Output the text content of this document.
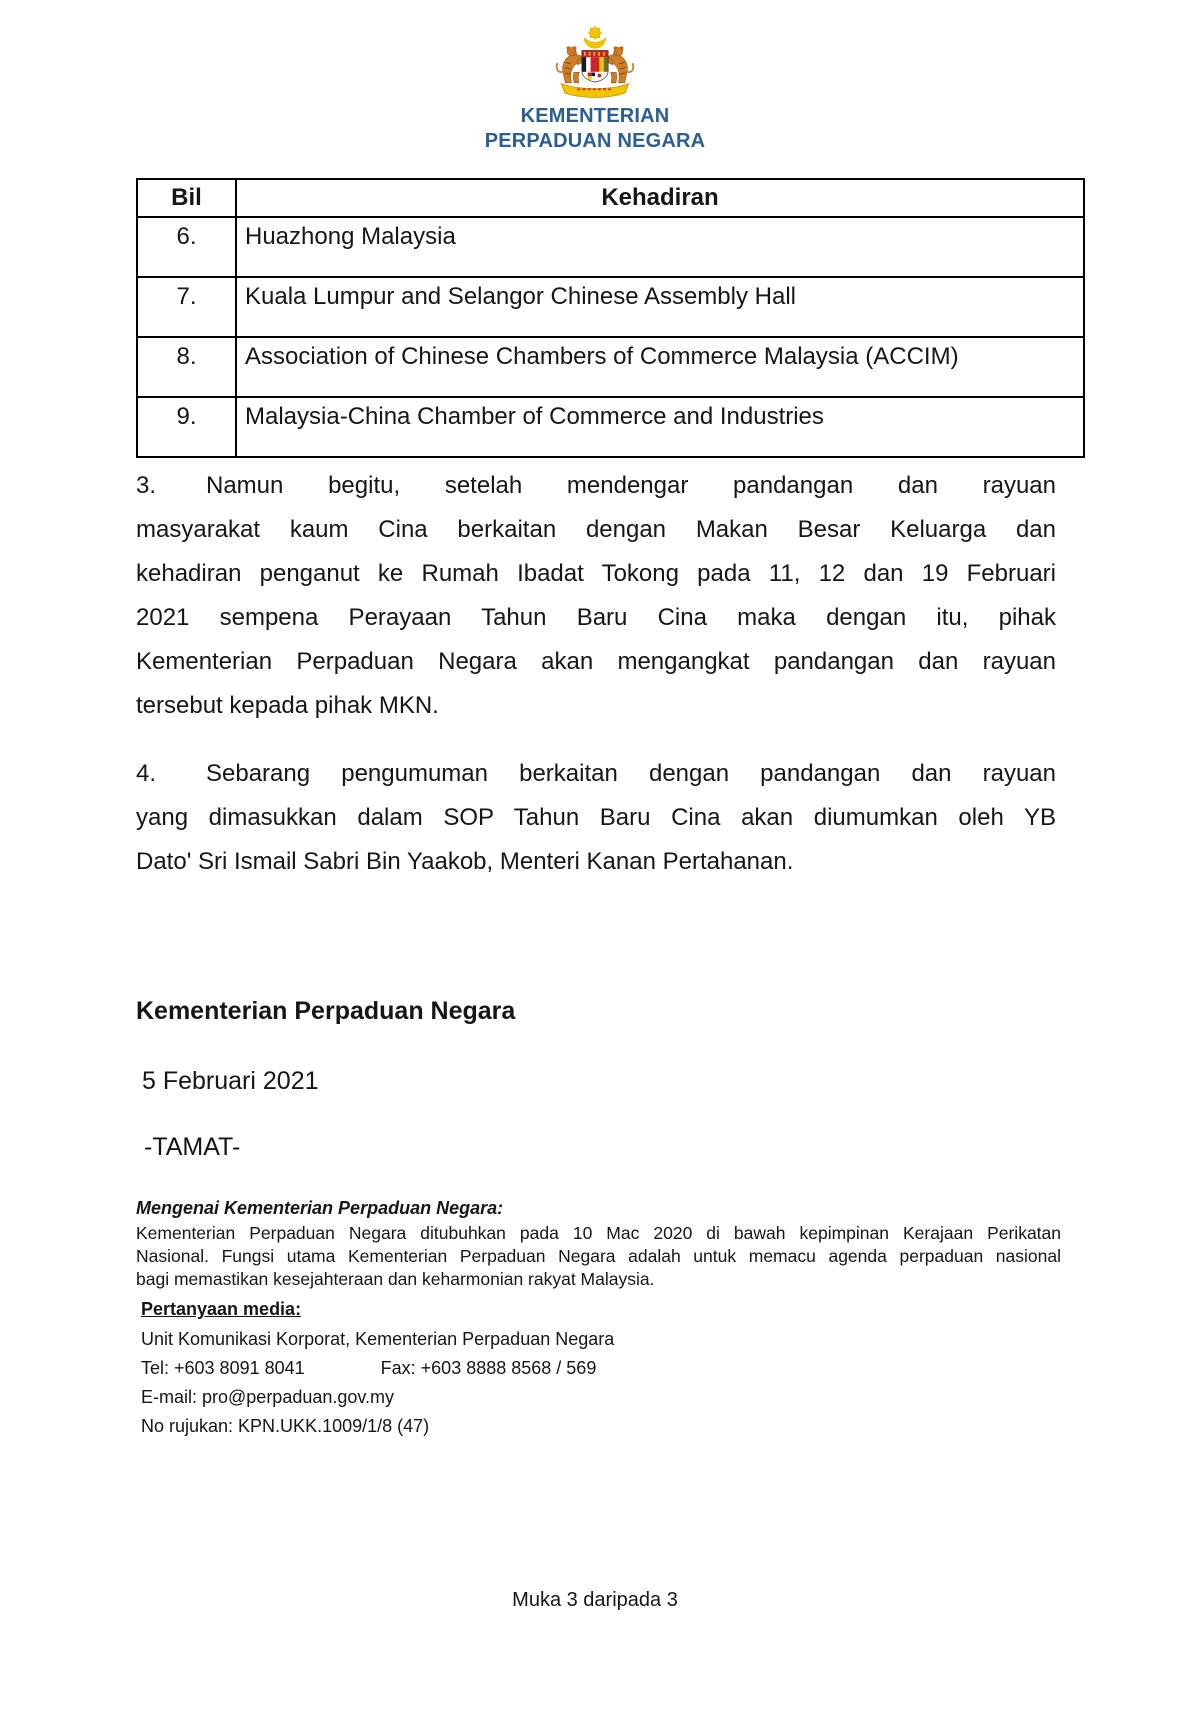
KEMENTERIAN
PERPADUAN NEGARA
Bil	Kehadiran
6.	Huazhong Malaysia
7.	Kuala Lumpur and Selangor Chinese Assembly Hall
8.	Association of Chinese Chambers of Commerce Malaysia (ACCIM)
9.	Malaysia-China Chamber of Commerce and Industries
3. Namun begitu, setelah mendengar pandangan dan rayuan
masyarakat kaum Cina berkaitan dengan Makan Besar Keluarga dan
kehadiran penganut ke Rumah Ibadat Tokong pada 11, 12 dan 19 Februari
2021 sempena Perayaan Tahun Baru Cina maka dengan itu, pihak
Kementerian Perpaduan Negara akan mengangkat pandangan dan rayuan
tersebut kepada pihak MKN.
4. Sebarang pengumuman berkaitan dengan pandangan dan rayuan
yang dimasukkan dalam SOP Tahun Baru Cina akan diumumkan oleh YB
Dato' Sri Ismail Sabri Bin Yaakob, Menteri Kanan Pertahanan.
Kementerian Perpaduan Negara
5 Februari 2021
-TAMAT-
Mengenai Kementerian Perpaduan Negara:
Kementerian Perpaduan Negara ditubuhkan pada 10 Mac 2020 di bawah kepimpinan Kerajaan Perikatan
Nasional. Fungsi utama Kementerian Perpaduan Negara adalah untuk memacu agenda perpaduan nasional
bagi memastikan kesejahteraan dan keharmonian rakyat Malaysia.
Pertanyaan media:
Unit Komunikasi Korporat, Kementerian Perpaduan Negara
Tel: +603 8091 8041	Fax: +603 8888 8568 / 569
E-mail: pro@perpaduan.gov.my
No rujukan: KPN.UKK.1009/1/8 (47)
Muka 3 daripada 3
